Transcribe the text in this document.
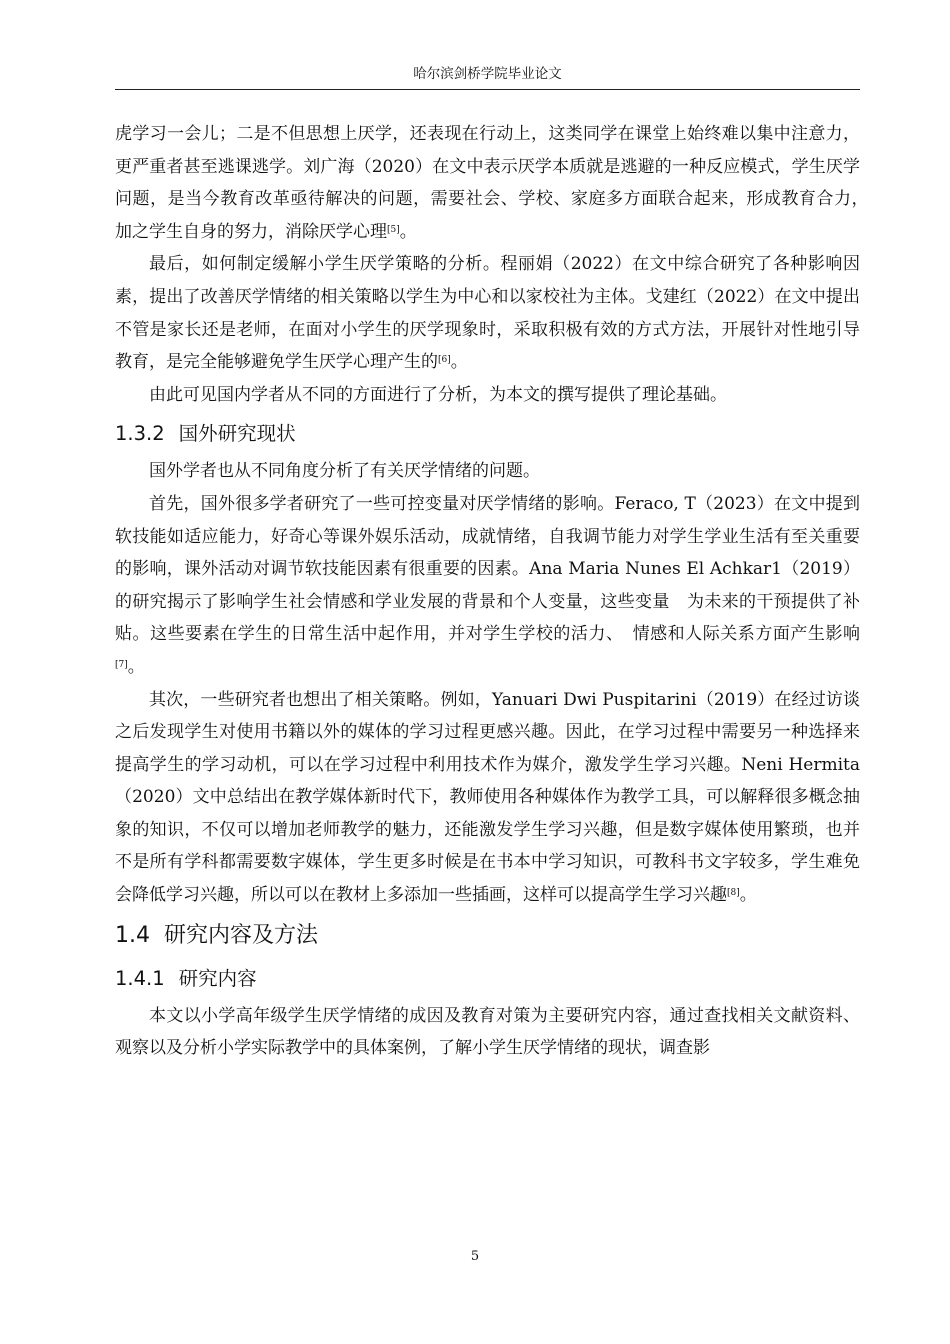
哈尔滨剑桥学院毕业论文

虎学习一会儿；二是不但思想上厌学，还表现在行动上，这类同学在课堂上始终难以集中注意力，更严重者甚至逃课逃学。刘广海（2020）在文中表示厌学本质就是逃避的一种反应模式，学生厌学问题，是当今教育改革亟待解决的问题，需要社会、学校、家庭多方面联合起来，形成教育合力，　加之学生自身的努力，消除厌学心理[5]。

最后，如何制定缓解小学生厌学策略的分析。程丽娟（2022）在文中综合研究了各种影响因素，提出了改善厌学情绪的相关策略以学生为中心和以家校社为主体。戈建红（2022）在文中提出不管是家长还是老师，在面对小学生的厌学现象时，采取积极有效的方式方法，开展针对性地引导教育，是完全能够避免学生厌学心理产生的[6]。

由此可见国内学者从不同的方面进行了分析，为本文的撰写提供了理论基础。

1.3.2 国外研究现状

国外学者也从不同角度分析了有关厌学情绪的问题。

首先，国外很多学者研究了一些可控变量对厌学情绪的影响。Feraco, T（2023）在文中提到软技能如适应能力，好奇心等课外娱乐活动，成就情绪，自我调节能力对学生学业生活有至关重要的影响，课外活动对调节软技能因素有很重要的因素。Ana Maria Nunes El Achkar1（2019）的研究揭示了影响学生社会情感和学业发展的背景和个人变量，这些变量　为未来的干预提供了补贴。这些要素在学生的日常生活中起作用，并对学生学校的活力、　情感和人际关系方面产生影响[7]。

其次，一些研究者也想出了相关策略。例如，Yanuari Dwi Puspitarini（2019）在经过访谈之后发现学生对使用书籍以外的媒体的学习过程更感兴趣。因此，在学习过程中需要另一种选择来提高学生的学习动机，可以在学习过程中利用技术作为媒介，激发学生学习兴趣。Neni Hermita（2020）文中总结出在教学媒体新时代下，教师使用各种媒体作为教学工具，可以解释很多概念抽象的知识，不仅可以增加老师教学的魅力，还能激发学生学习兴趣，但是数字媒体使用繁琐，也并不是所有学科都需要数字媒体，学生更多时候是在书本中学习知识，可教科书文字较多，学生难免会降低学习兴趣，所以可以在教材上多添加一些插画，这样可以提高学生学习兴趣[8]。

1.4 研究内容及方法
1.4.1 研究内容

本文以小学高年级学生厌学情绪的成因及教育对策为主要研究内容，通过查找相关文献资料、观察以及分析小学实际教学中的具体案例，了解小学生厌学情绪的现状，调查影

5
